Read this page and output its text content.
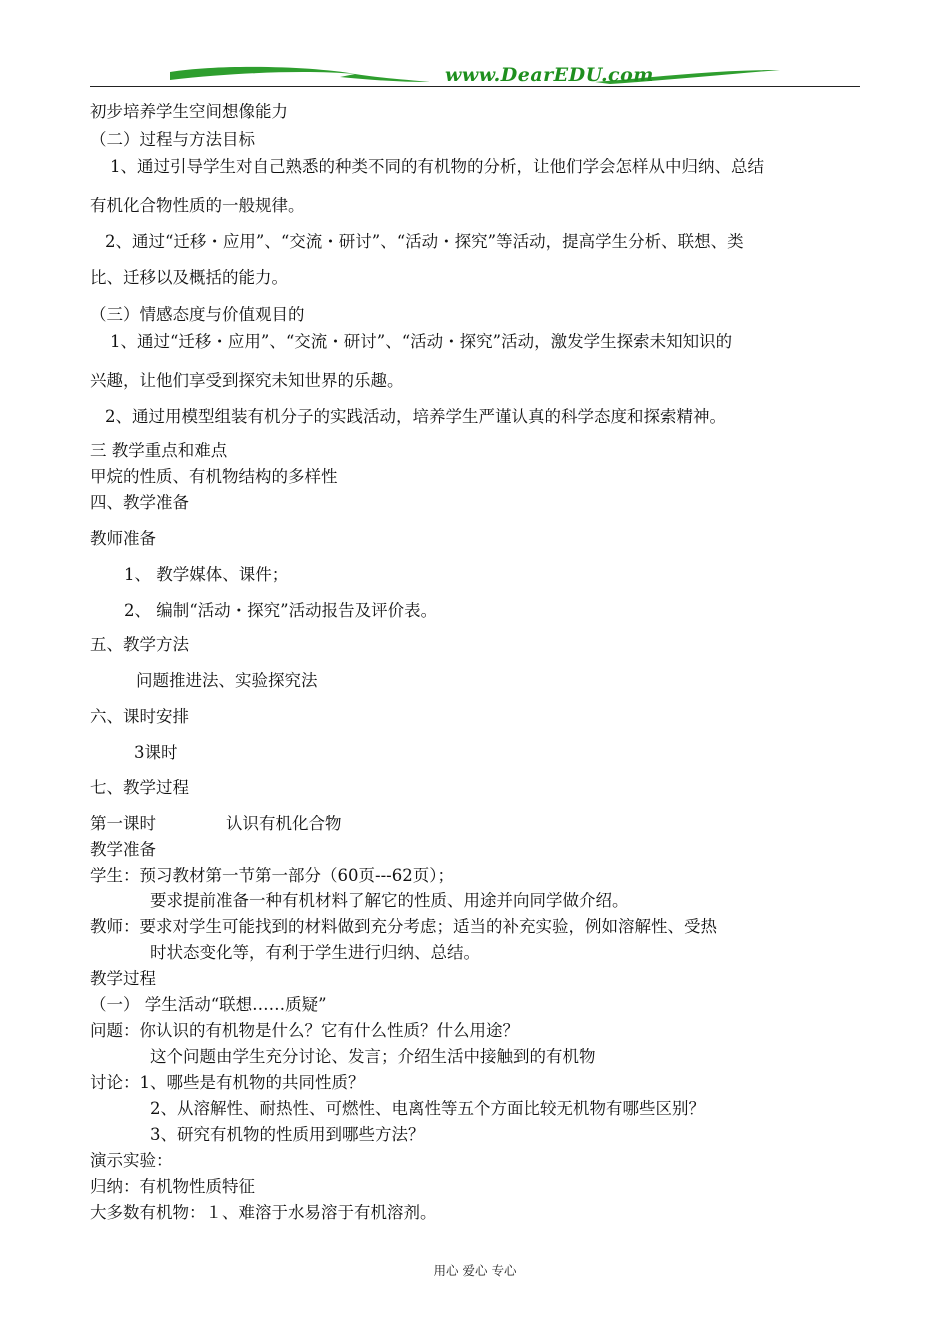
www.DearEDU.com
初步培养学生空间想像能力
（二）过程与方法目标
1、通过引导学生对自己熟悉的种类不同的有机物的分析，让他们学会怎样从中归纳、总结
有机化合物性质的一般规律。
2、通过“迁移・应用”、“交流・研讨”、“活动・探究”等活动，提高学生分析、联想、类
比、迁移以及概括的能力。
（三）情感态度与价值观目的
1、通过“迁移・应用”、“交流・研讨”、“活动・探究”活动，激发学生探索未知知识的
兴趣，让他们享受到探究未知世界的乐趣。
2、通过用模型组装有机分子的实践活动，培养学生严谨认真的科学态度和探索精神。
三 教学重点和难点
甲烷的性质、有机物结构的多样性
四、教学准备
教师准备
1、 教学媒体、课件；
2、 编制“活动・探究”活动报告及评价表。
五、教学方法
问题推进法、实验探究法
六、课时安排
3课时
七、教学过程
第一课时	认识有机化合物
教学准备
学生：预习教材第一节第一部分（60页---62页）；
要求提前准备一种有机材料了解它的性质、用途并向同学做介绍。
教师：要求对学生可能找到的材料做到充分考虑；适当的补充实验，例如溶解性、受热
时状态变化等，有利于学生进行归纳、总结。
教学过程
（一） 学生活动“联想……质疑”
问题：你认识的有机物是什么？它有什么性质？什么用途？
这个问题由学生充分讨论、发言；介绍生活中接触到的有机物
讨论：1、哪些是有机物的共同性质？
2、从溶解性、耐热性、可燃性、电离性等五个方面比较无机物有哪些区别？
3、研究有机物的性质用到哪些方法？
演示实验：
归纳：有机物性质特征
大多数有机物：１、难溶于水易溶于有机溶剂。
用心 爱心 专心
